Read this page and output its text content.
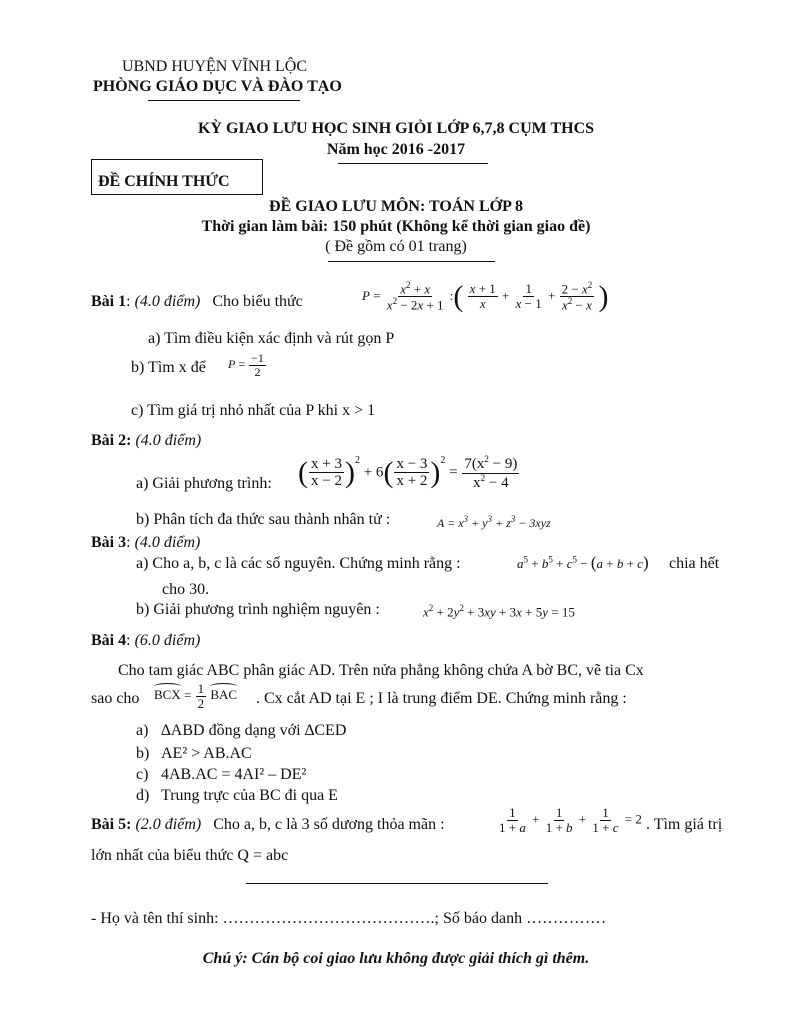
UBND HUYỆN VĨNH LỘC
PHÒNG GIÁO DỤC VÀ ĐÀO TẠO
KỲ GIAO LƯU HỌC SINH GIỎI LỚP 6,7,8 CỤM THCS
Năm học 2016 -2017
ĐỀ CHÍNH THỨC
ĐỀ GIAO LƯU MÔN: TOÁN LỚP 8
Thời gian làm bài: 150 phút (Không kể thời gian giao đề)
( Đề gồm có 01 trang)
Bài 1: (4.0 điểm) Cho biểu thức	$P = \frac{x^2 + x}{x^2 - 2x + 1}$ :( $\frac{x + 1}{x} + \frac{1}{x - 1} + \frac{2 - x^2}{x^2 - x}$ )
a) Tìm điều kiện xác định và rút gọn P
b) Tìm x để $P = \frac{-1}{2}$
c) Tìm giá trị nhỏ nhất của P khi x > 1
Bài 2: (4.0 điểm)
a) Giải phương trình: ( $\frac{x + 3}{x - 2} )^2 + 6( \frac{x - 3}{x + 2} )^2 = \frac{7(x^2 - 9)}{x^2 - 4}$
b) Phân tích đa thức sau thành nhân tử :	$A = x^3 + y^3 + z^3 - 3xyz$
Bài 3: (4.0 điểm)
a) Cho a, b, c là các số nguyên. Chứng minh rằng :	$a^5 + b^5 + c^5 - (a + b + c)$ chia hết
cho 30.
b) Giải phương trình nghiệm nguyên :	$x^2 + 2y^2 + 3xy + 3x + 5y = 15$
Bài 4: (6.0 điểm)
Cho tam giác ABC phân giác AD. Trên nửa phẳng không chứa A bờ BC, vẽ tia Cx
sao cho BCX = $\frac{1}{2}$ BAC . Cx cắt AD tại E ; I là trung điểm DE. Chứng minh rằng :
a) ∆ABD đồng dạng với ∆CED
b) AE² > AB.AC
c) 4AB.AC = 4AI² – DE²
d) Trung trực của BC đi qua E
Bài 5: (2.0 điểm) Cho a, b, c là 3 số dương thỏa mãn :	$\frac{1}{1 + a} + \frac{1}{1 + b} + \frac{1}{1 + c} = 2$ . Tìm giá trị
lớn nhất của biểu thức Q = abc
- Họ và tên thí sinh: ………………………………….; Số báo danh ……………
Chú ý: Cán bộ coi giao lưu không được giải thích gì thêm.
